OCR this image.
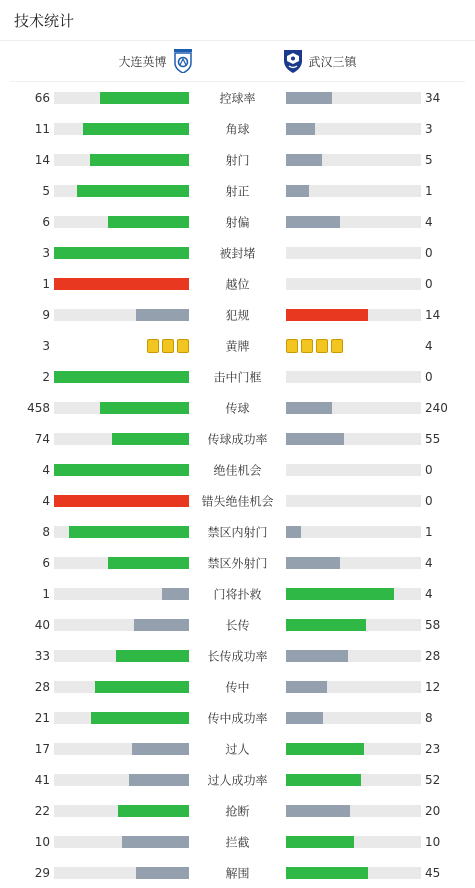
技术统计
大连英博	武汉三镇
66	控球率	34
11	角球	3
14	射门	5
5	射正	1
6	射偏	4
3	被封堵	0
1	越位	0
9	犯规	14
3	黄牌	4
2	击中门框	0
458	传球	240
74	传球成功率	55
4	绝佳机会	0
4	错失绝佳机会	0
8	禁区内射门	1
6	禁区外射门	4
1	门将扑救	4
40	长传	58
33	长传成功率	28
28	传中	12
21	传中成功率	8
17	过人	23
41	过人成功率	52
22	抢断	20
10	拦截	10
29	解围	45
